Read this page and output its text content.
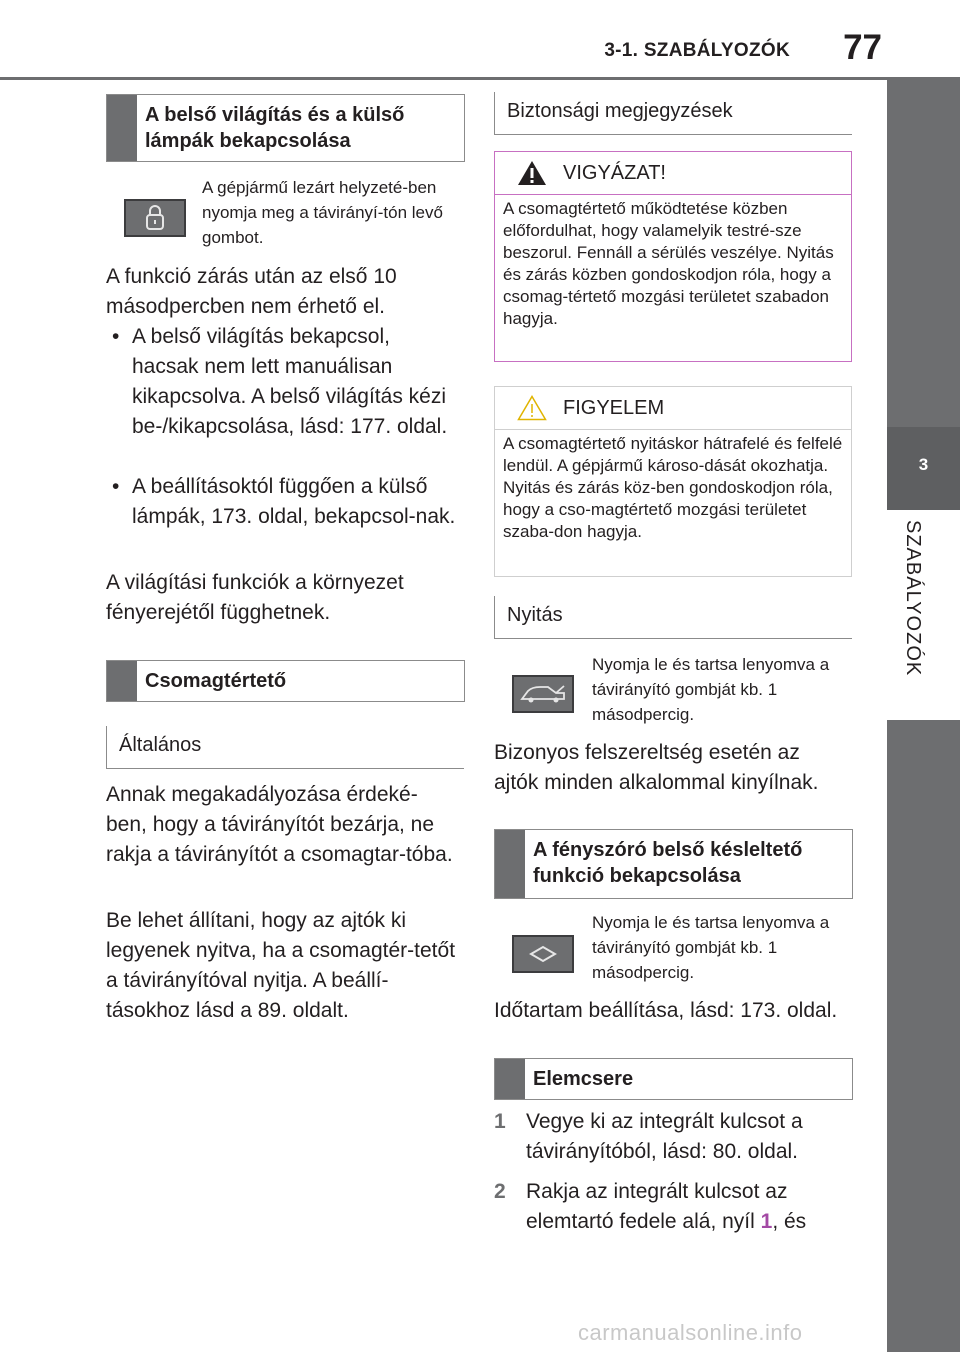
3-1. SZABÁLYOZÓK	77
3
SZABÁLYOZÓK
A belső világítás és a külső lámpák bekapcsolása
A gépjármű lezárt helyzeté-ben nyomja meg a távirányí-tón levő gombot.
A funkció zárás után az első 10 másodpercben nem érhető el.
• A belső világítás bekapcsol, hacsak nem lett manuálisan kikapcsolva. A belső világítás kézi be-/kikapcsolása, lásd: 177. oldal.
• A beállításoktól függően a külső lámpák, 173. oldal, bekapcsol-nak.
A világítási funkciók a környezet fényerejétől függhetnek.
Csomagtértető
Általános
Annak megakadályozása érdeké-ben, hogy a távirányítót bezárja, ne rakja a távirányítót a csomagtar-tóba.
Be lehet állítani, hogy az ajtók ki legyenek nyitva, ha a csomagtér-tetőt a távirányítóval nyitja. A beállí-tásokhoz lásd a 89. oldalt.
Biztonsági megjegyzések
VIGYÁZAT!
A csomagtértető működtetése közben előfordulhat, hogy valamelyik testré-sze beszorul. Fennáll a sérülés veszélye. Nyitás és zárás közben gondoskodjon róla, hogy a csomag-tértető mozgási területet szabadon hagyja.
FIGYELEM
A csomagtértető nyitáskor hátrafelé és felfelé lendül. A gépjármű károso-dását okozhatja. Nyitás és zárás köz-ben gondoskodjon róla, hogy a cso-magtértető mozgási területet szaba-don hagyja.
Nyitás
Nyomja le és tartsa lenyomva a távirányító gombját kb. 1 másodpercig.
Bizonyos felszereltség esetén az ajtók minden alkalommal kinyílnak.
A fényszóró belső késleltető funkció bekapcsolása
Nyomja le és tartsa lenyomva a távirányító gombját kb. 1 másodpercig.
Időtartam beállítása, lásd: 173. oldal.
Elemcsere
1 Vegye ki az integrált kulcsot a távirányítóból, lásd: 80. oldal.
2 Rakja az integrált kulcsot az elemtartó fedele alá, nyíl 1, és
carmanualsonline.info
